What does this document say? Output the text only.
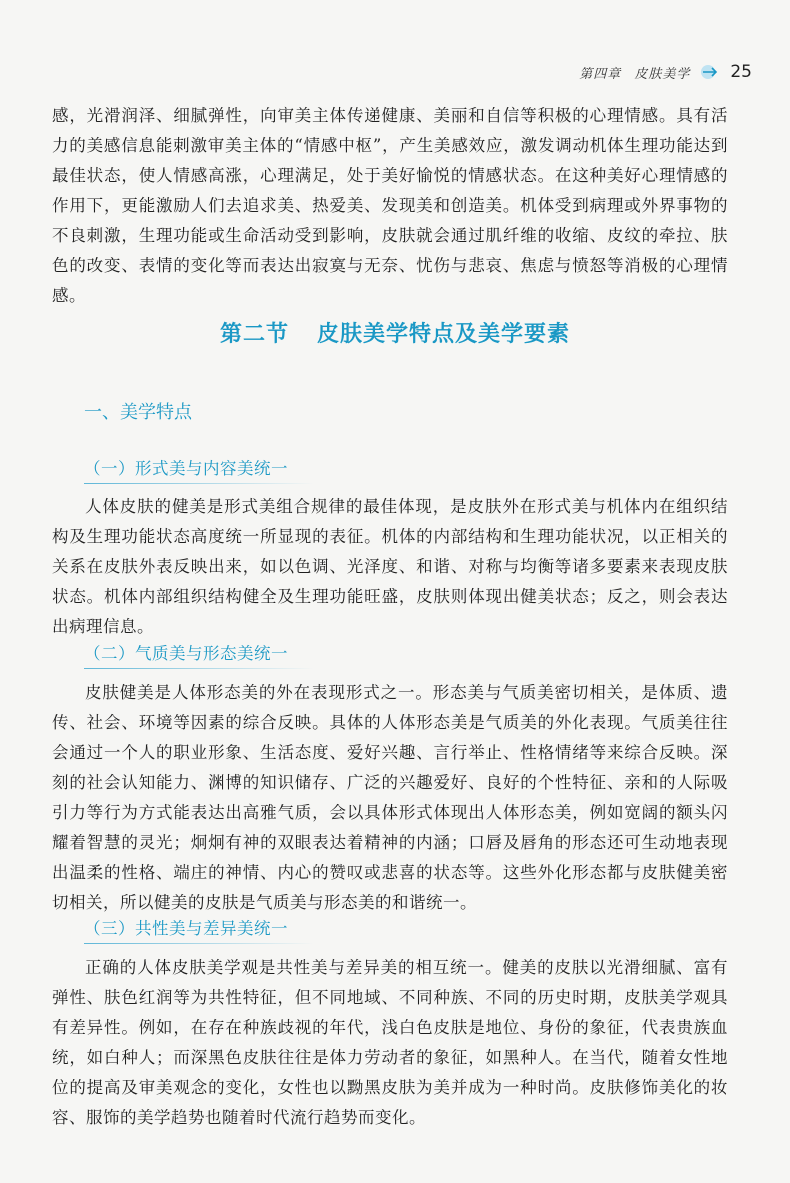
第四章 皮肤美学 25
感，光滑润泽、细腻弹性，向审美主体传递健康、美丽和自信等积极的心理情感。具有活力的美感信息能刺激审美主体的“情感中枢”，产生美感效应，激发调动机体生理功能达到最佳状态，使人情感高涨，心理满足，处于美好愉悦的情感状态。在这种美好心理情感的作用下，更能激励人们去追求美、热爱美、发现美和创造美。机体受到病理或外界事物的不良刺激，生理功能或生命活动受到影响，皮肤就会通过肌纤维的收缩、皮纹的牵拉、肤色的改变、表情的变化等而表达出寂寞与无奈、忧伤与悲哀、焦虑与愤怒等消极的心理情感。
第二节 皮肤美学特点及美学要素
一、美学特点
（一）形式美与内容美统一
人体皮肤的健美是形式美组合规律的最佳体现，是皮肤外在形式美与机体内在组织结构及生理功能状态高度统一所显现的表征。机体的内部结构和生理功能状况，以正相关的关系在皮肤外表反映出来，如以色调、光泽度、和谐、对称与均衡等诸多要素来表现皮肤状态。机体内部组织结构健全及生理功能旺盛，皮肤则体现出健美状态；反之，则会表达出病理信息。
（二）气质美与形态美统一
皮肤健美是人体形态美的外在表现形式之一。形态美与气质美密切相关，是体质、遗传、社会、环境等因素的综合反映。具体的人体形态美是气质美的外化表现。气质美往往会通过一个人的职业形象、生活态度、爱好兴趣、言行举止、性格情绪等来综合反映。深刻的社会认知能力、渊博的知识储存、广泛的兴趣爱好、良好的个性特征、亲和的人际吸引力等行为方式能表达出高雅气质，会以具体形式体现出人体形态美，例如宽阔的额头闪耀着智慧的灵光；炯炯有神的双眼表达着精神的内涵；口唇及唇角的形态还可生动地表现出温柔的性格、端庄的神情、内心的赞叹或悲喜的状态等。这些外化形态都与皮肤健美密切相关，所以健美的皮肤是气质美与形态美的和谐统一。
（三）共性美与差异美统一
正确的人体皮肤美学观是共性美与差异美的相互统一。健美的皮肤以光滑细腻、富有弹性、肤色红润等为共性特征，但不同地域、不同种族、不同的历史时期，皮肤美学观具有差异性。例如，在存在种族歧视的年代，浅白色皮肤是地位、身份的象征，代表贵族血统，如白种人；而深黑色皮肤往往是体力劳动者的象征，如黑种人。在当代，随着女性地位的提高及审美观念的变化，女性也以黝黑皮肤为美并成为一种时尚。皮肤修饰美化的妆容、服饰的美学趋势也随着时代流行趋势而变化。
